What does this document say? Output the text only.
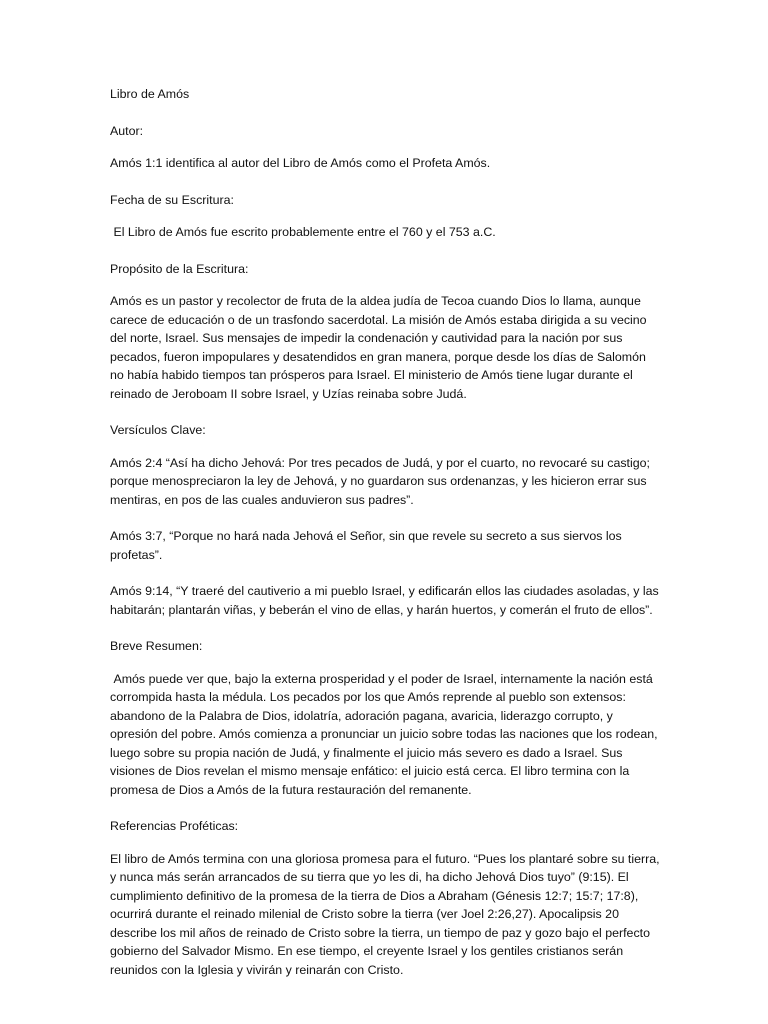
Libro de Amós

Autor:

Amós 1:1 identifica al autor del Libro de Amós como el Profeta Amós.

Fecha de su Escritura:

El Libro de Amós fue escrito probablemente entre el 760 y el 753 a.C.

Propósito de la Escritura:

Amós es un pastor y recolector de fruta de la aldea judía de Tecoa cuando Dios lo llama, aunque carece de educación o de un trasfondo sacerdotal. La misión de Amós estaba dirigida a su vecino del norte, Israel. Sus mensajes de impedir la condenación y cautividad para la nación por sus pecados, fueron impopulares y desatendidos en gran manera, porque desde los días de Salomón no había habido tiempos tan prósperos para Israel. El ministerio de Amós tiene lugar durante el reinado de Jeroboam II sobre Israel, y Uzías reinaba sobre Judá.

Versículos Clave:

Amós 2:4 “Así ha dicho Jehová: Por tres pecados de Judá, y por el cuarto, no revocaré su castigo; porque menospreciaron la ley de Jehová, y no guardaron sus ordenanzas, y les hicieron errar sus mentiras, en pos de las cuales anduvieron sus padres”.

Amós 3:7, “Porque no hará nada Jehová el Señor, sin que revele su secreto a sus siervos los profetas”.

Amós 9:14, “Y traeré del cautiverio a mi pueblo Israel, y edificarán ellos las ciudades asoladas, y las habitarán; plantarán viñas, y beberán el vino de ellas, y harán huertos, y comerán el fruto de ellos”.

Breve Resumen:

Amós puede ver que, bajo la externa prosperidad y el poder de Israel, internamente la nación está corrompida hasta la médula. Los pecados por los que Amós reprende al pueblo son extensos: abandono de la Palabra de Dios, idolatría, adoración pagana, avaricia, liderazgo corrupto, y opresión del pobre. Amós comienza a pronunciar un juicio sobre todas las naciones que los rodean, luego sobre su propia nación de Judá, y finalmente el juicio más severo es dado a Israel. Sus visiones de Dios revelan el mismo mensaje enfático: el juicio está cerca. El libro termina con la promesa de Dios a Amós de la futura restauración del remanente.

Referencias Proféticas:

El libro de Amós termina con una gloriosa promesa para el futuro. “Pues los plantaré sobre su tierra, y nunca más serán arrancados de su tierra que yo les di, ha dicho Jehová Dios tuyo” (9:15). El cumplimiento definitivo de la promesa de la tierra de Dios a Abraham (Génesis 12:7; 15:7; 17:8), ocurrirá durante el reinado milenial de Cristo sobre la tierra (ver Joel 2:26,27). Apocalipsis 20 describe los mil años de reinado de Cristo sobre la tierra, un tiempo de paz y gozo bajo el perfecto gobierno del Salvador Mismo. En ese tiempo, el creyente Israel y los gentiles cristianos serán reunidos con la Iglesia y vivirán y reinarán con Cristo.
